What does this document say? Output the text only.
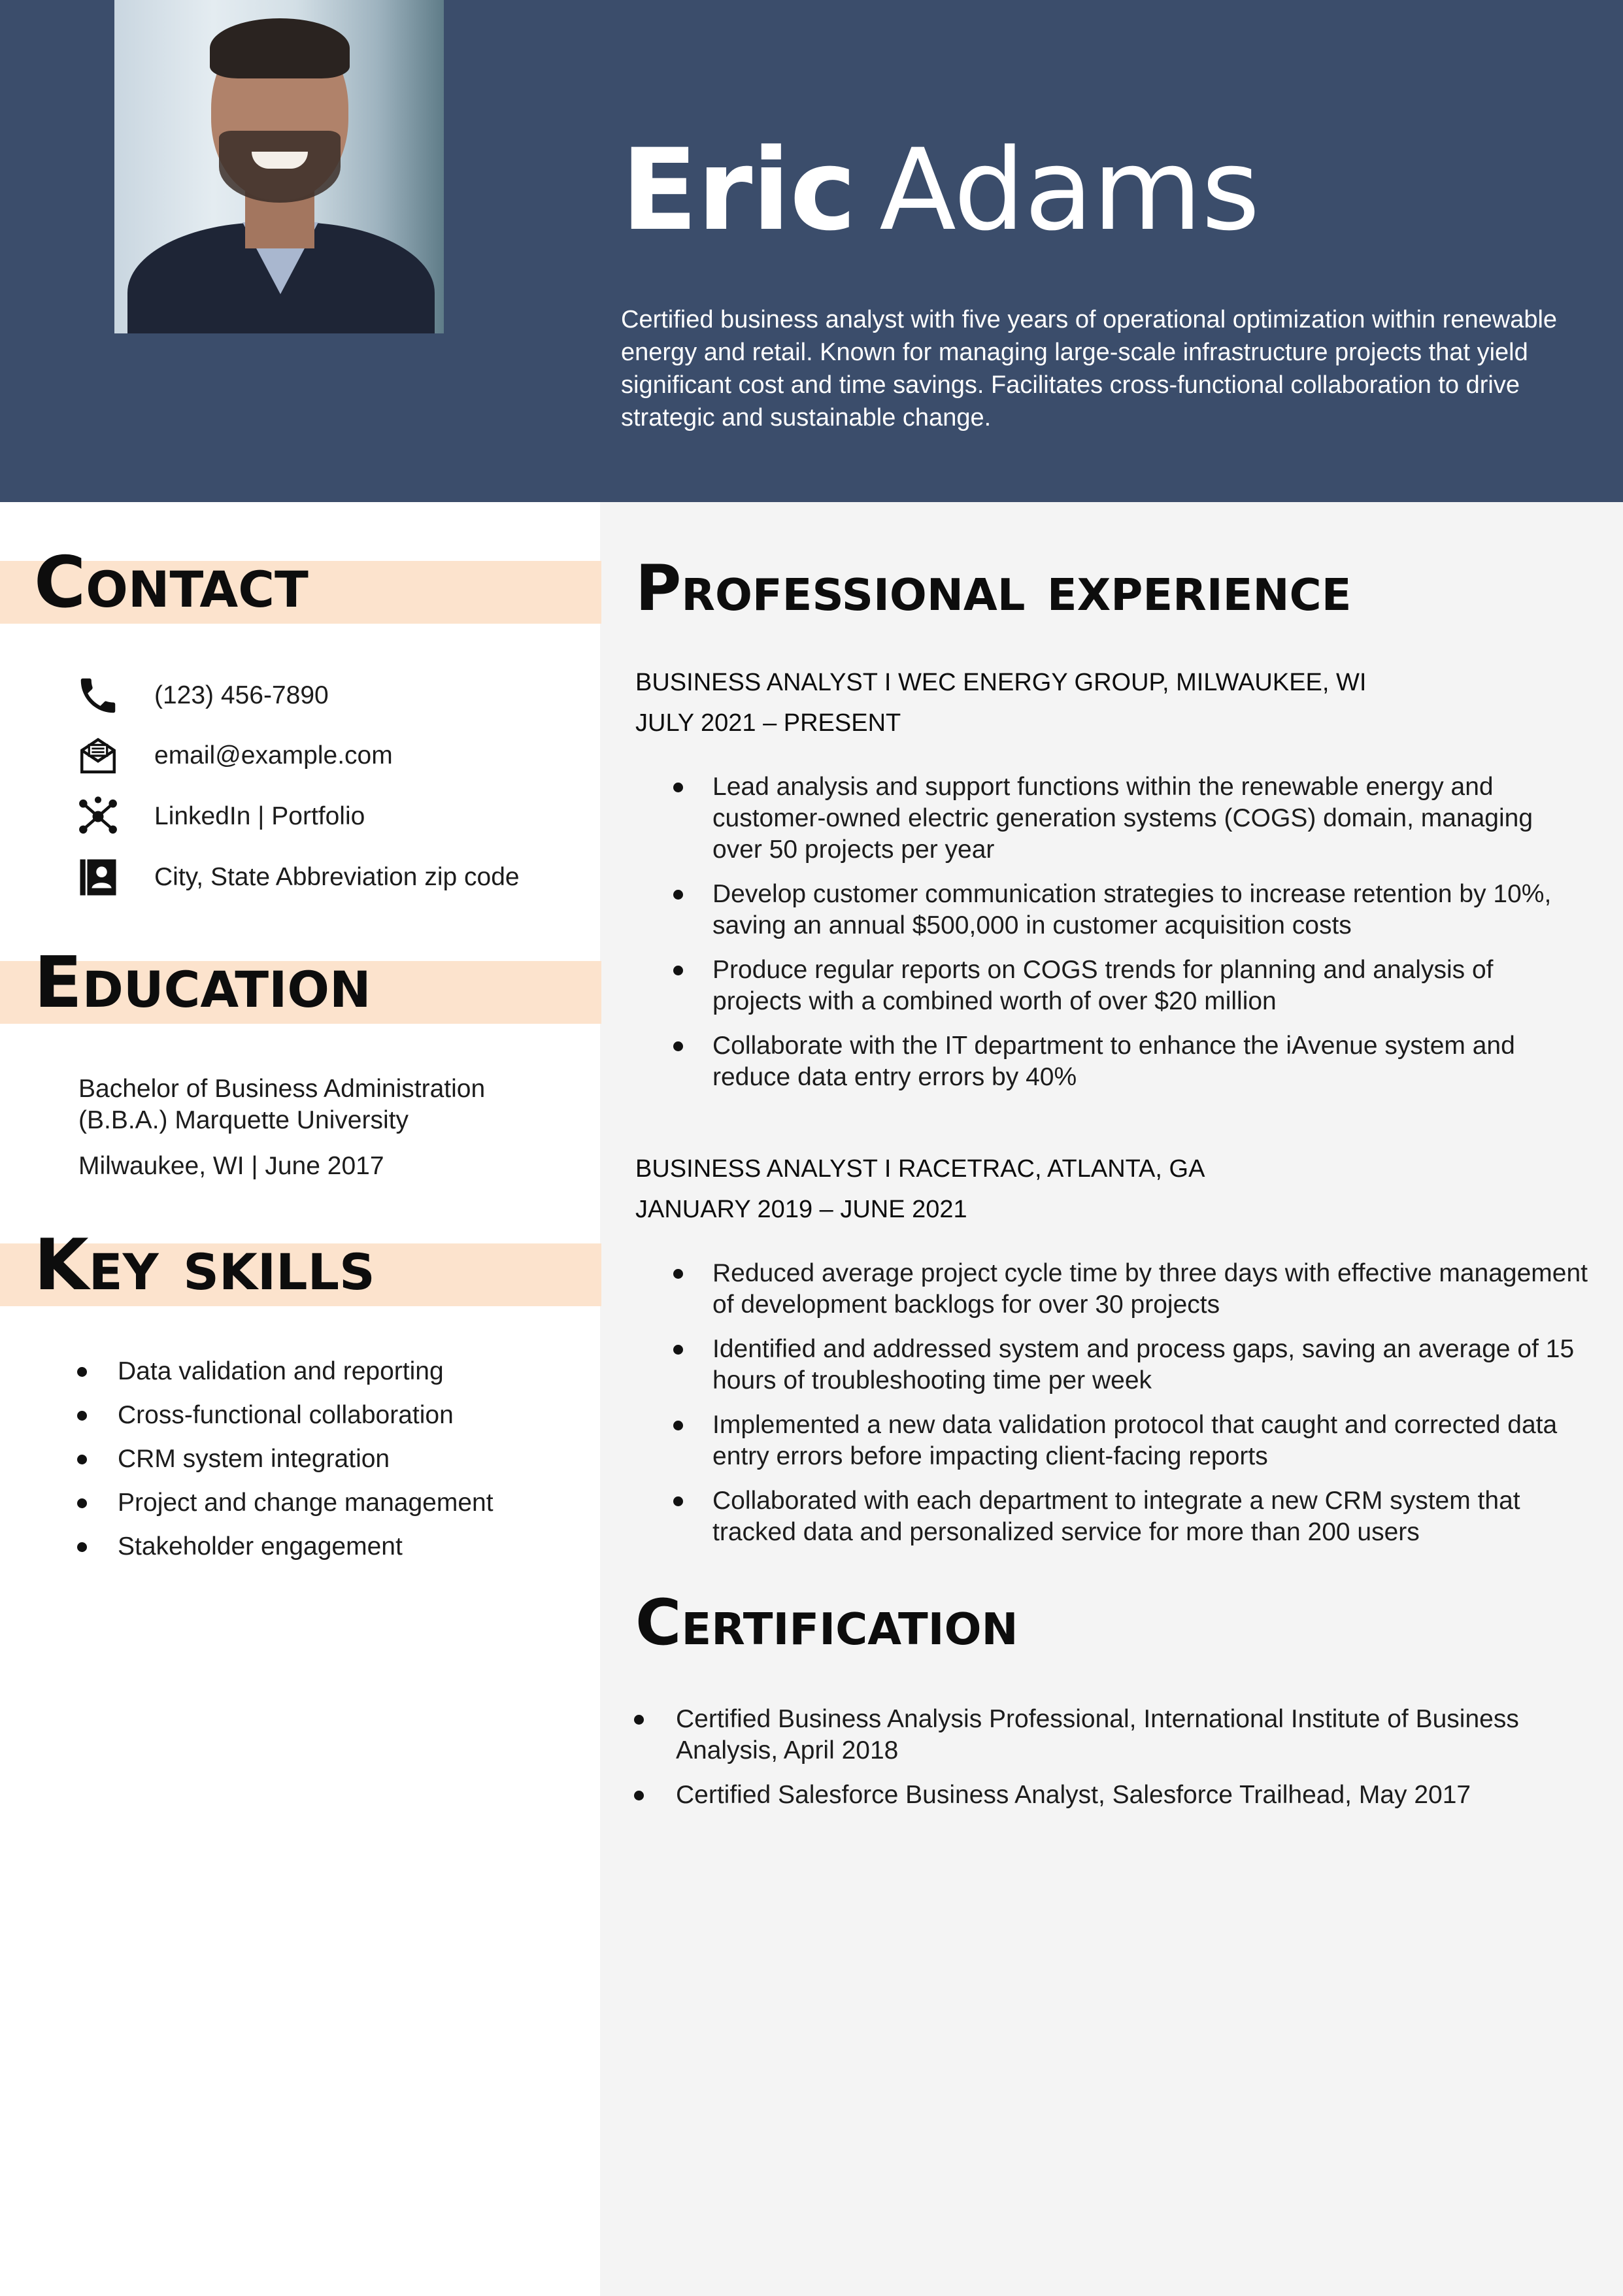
Eric Adams
Certified business analyst with five years of operational optimization within renewable energy and retail. Known for managing large-scale infrastructure projects that yield significant cost and time savings. Facilitates cross-functional collaboration to drive strategic and sustainable change.
Contact
(123) 456-7890
email@example.com
LinkedIn | Portfolio
City, State Abbreviation zip code
Education
Bachelor of Business Administration (B.B.A.) Marquette University
Milwaukee, WI | June 2017
Key skills
Data validation and reporting
Cross-functional collaboration
CRM system integration
Project and change management
Stakeholder engagement
Professional experience
BUSINESS ANALYST I WEC ENERGY GROUP, MILWAUKEE, WI
JULY 2021 – PRESENT
Lead analysis and support functions within the renewable energy and customer-owned electric generation systems (COGS) domain, managing over 50 projects per year
Develop customer communication strategies to increase retention by 10%, saving an annual $500,000 in customer acquisition costs
Produce regular reports on COGS trends for planning and analysis of projects with a combined worth of over $20 million
Collaborate with the IT department to enhance the iAvenue system and reduce data entry errors by 40%
BUSINESS ANALYST I RACETRAC, ATLANTA, GA
JANUARY 2019 – JUNE 2021
Reduced average project cycle time by three days with effective management of development backlogs for over 30 projects
Identified and addressed system and process gaps, saving an average of 15 hours of troubleshooting time per week
Implemented a new data validation protocol that caught and corrected data entry errors before impacting client-facing reports
Collaborated with each department to integrate a new CRM system that tracked data and personalized service for more than 200 users
Certification
Certified Business Analysis Professional, International Institute of Business Analysis, April 2018
Certified Salesforce Business Analyst, Salesforce Trailhead, May 2017
